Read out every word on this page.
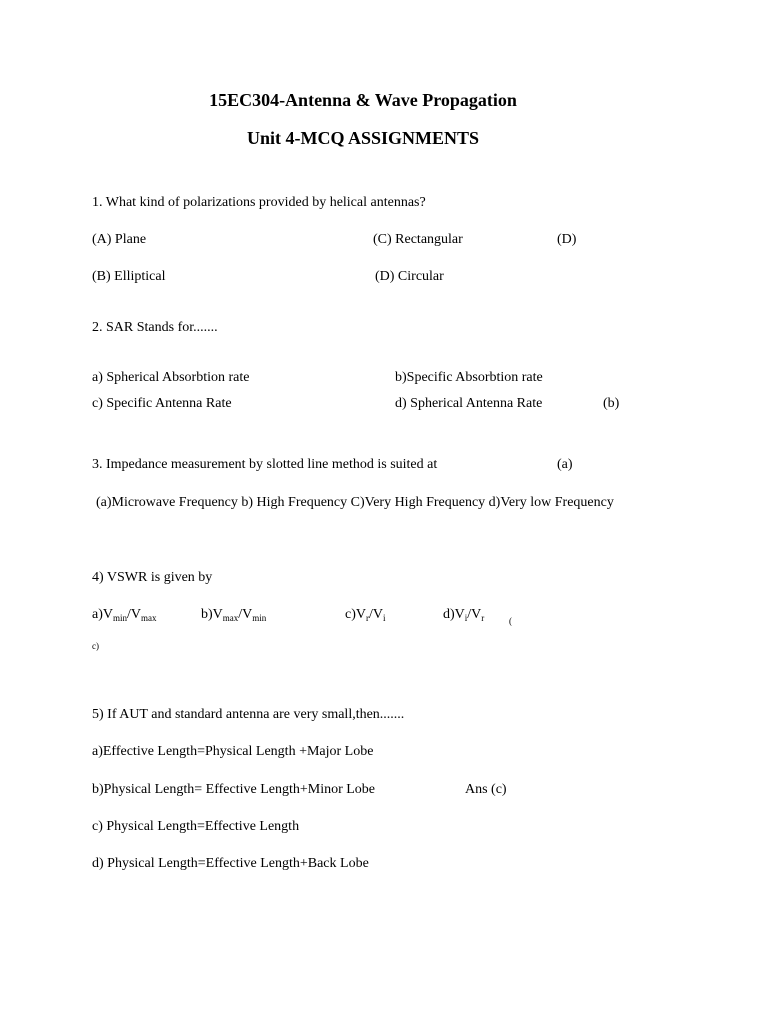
15EC304-Antenna & Wave Propagation
Unit 4-MCQ ASSIGNMENTS
1. What kind of polarizations provided by helical antennas?
(A) Plane	(C) Rectangular	(D)
(B) Elliptical	(D) Circular
2. SAR Stands for.......
a) Spherical Absorbtion rate	b)Specific Absorbtion rate
c) Specific Antenna Rate	d) Spherical Antenna Rate	(b)
3. Impedance measurement by slotted line method is suited at	(a)
(a)Microwave Frequency b) High Frequency C)Very High Frequency d)Very low Frequency
4) VSWR is given by
$a)V_{min}/V_{max}$	$b)V_{max}/V_{min}$	$c)V_r/V_i$	$d)V_i/V_r$	(
c)
5) If AUT and standard antenna are very small,then.......
a)Effective Length=Physical Length +Major Lobe
b)Physical Length= Effective Length+Minor Lobe	Ans (c)
c) Physical Length=Effective Length
d) Physical Length=Effective Length+Back Lobe
